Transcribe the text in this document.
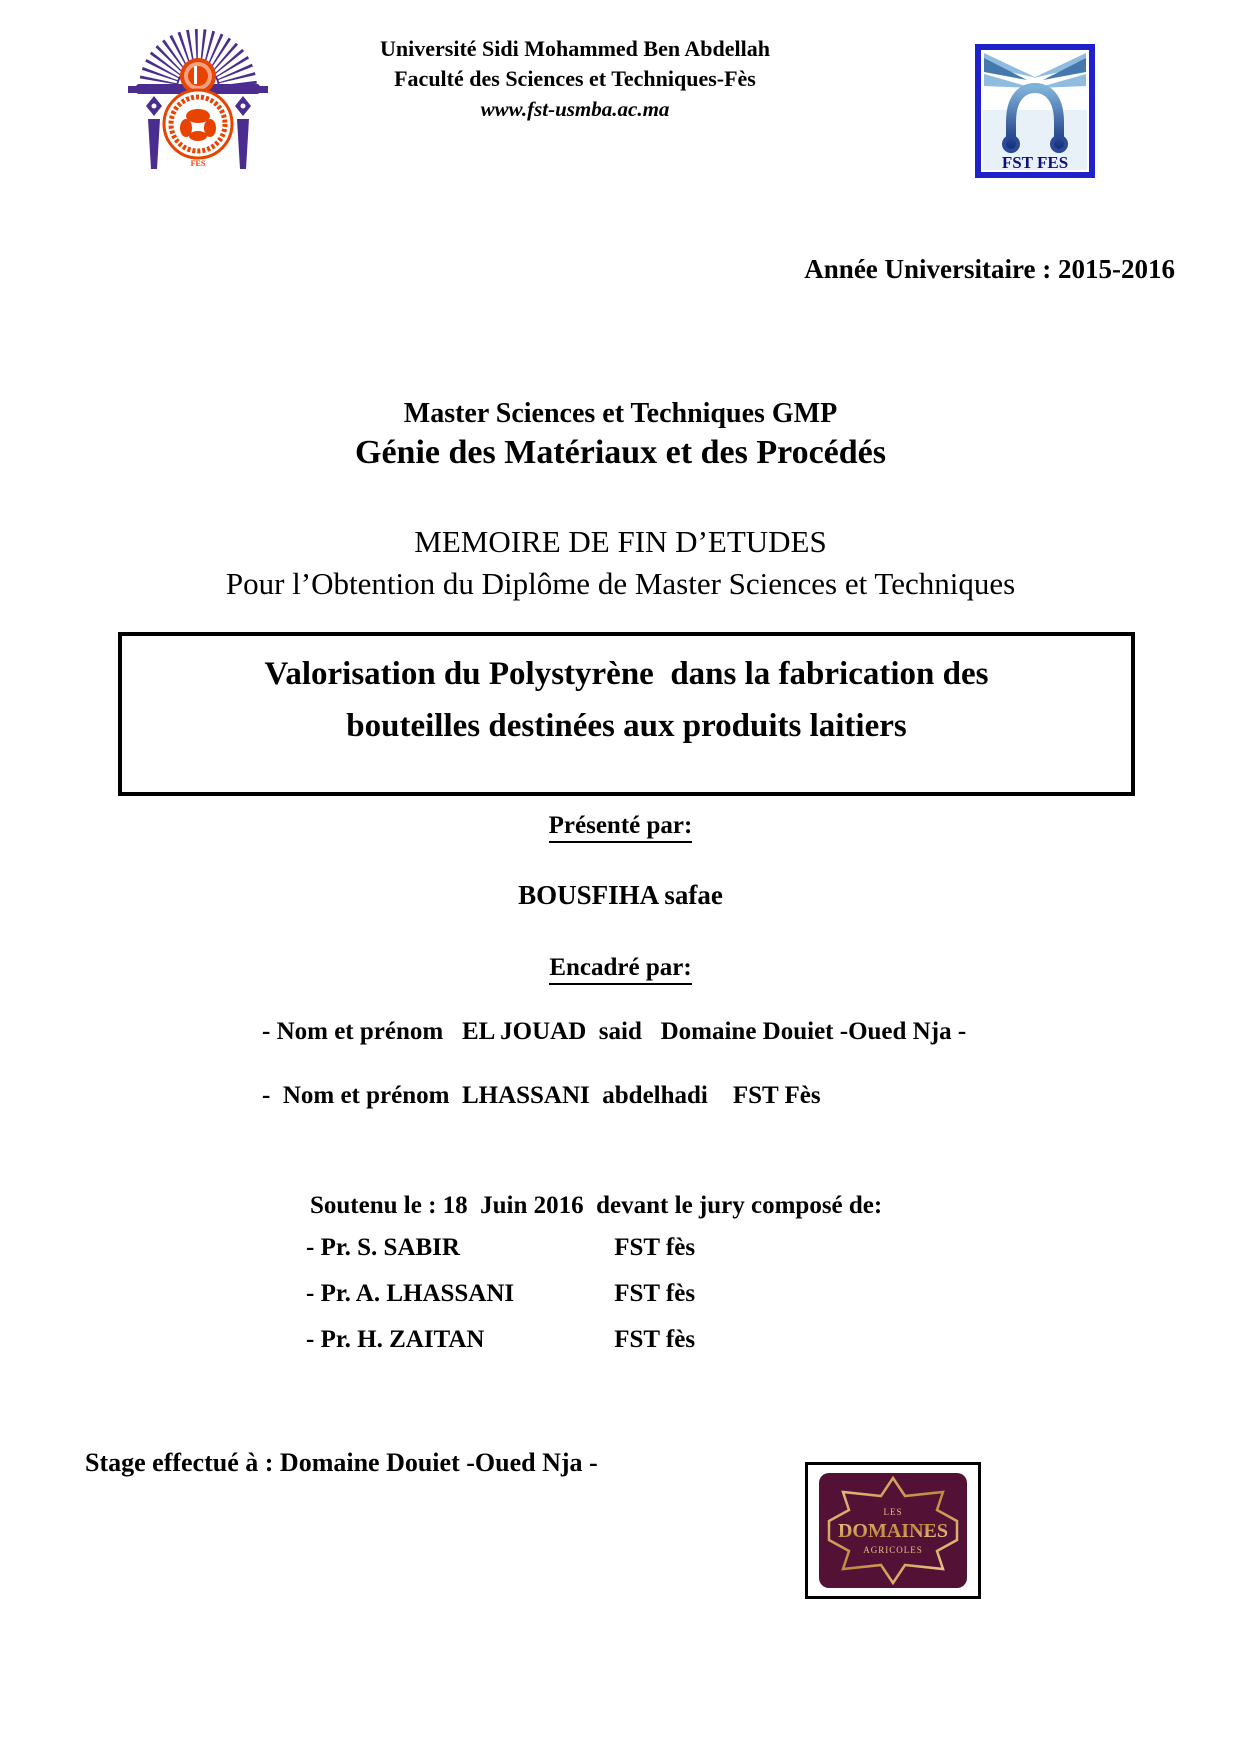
FES
Université Sidi Mohammed Ben Abdellah
Faculté des Sciences et Techniques-Fès
www.fst-usmba.ac.ma
FST FES
Année Universitaire : 2015-2016
Master Sciences et Techniques GMP
Génie des Matériaux et des Procédés
MEMOIRE DE FIN D’ETUDES
Pour l’Obtention du Diplôme de Master Sciences et Techniques
Valorisation du Polystyrène  dans la fabrication des
bouteilles destinées aux produits laitiers
Présenté par:
BOUSFIHA safae
Encadré par:
- Nom et prénom   EL JOUAD  said   Domaine Douiet -Oued Nja -
-  Nom et prénom  LHASSANI  abdelhadi    FST Fès
Soutenu le : 18  Juin 2016  devant le jury composé de:
- Pr. S. SABIR	FST fès
- Pr. A. LHASSANI	FST fès
- Pr. H. ZAITAN	FST fès
Stage effectué à : Domaine Douiet -Oued Nja -
LES
DOMAINES
AGRICOLES
